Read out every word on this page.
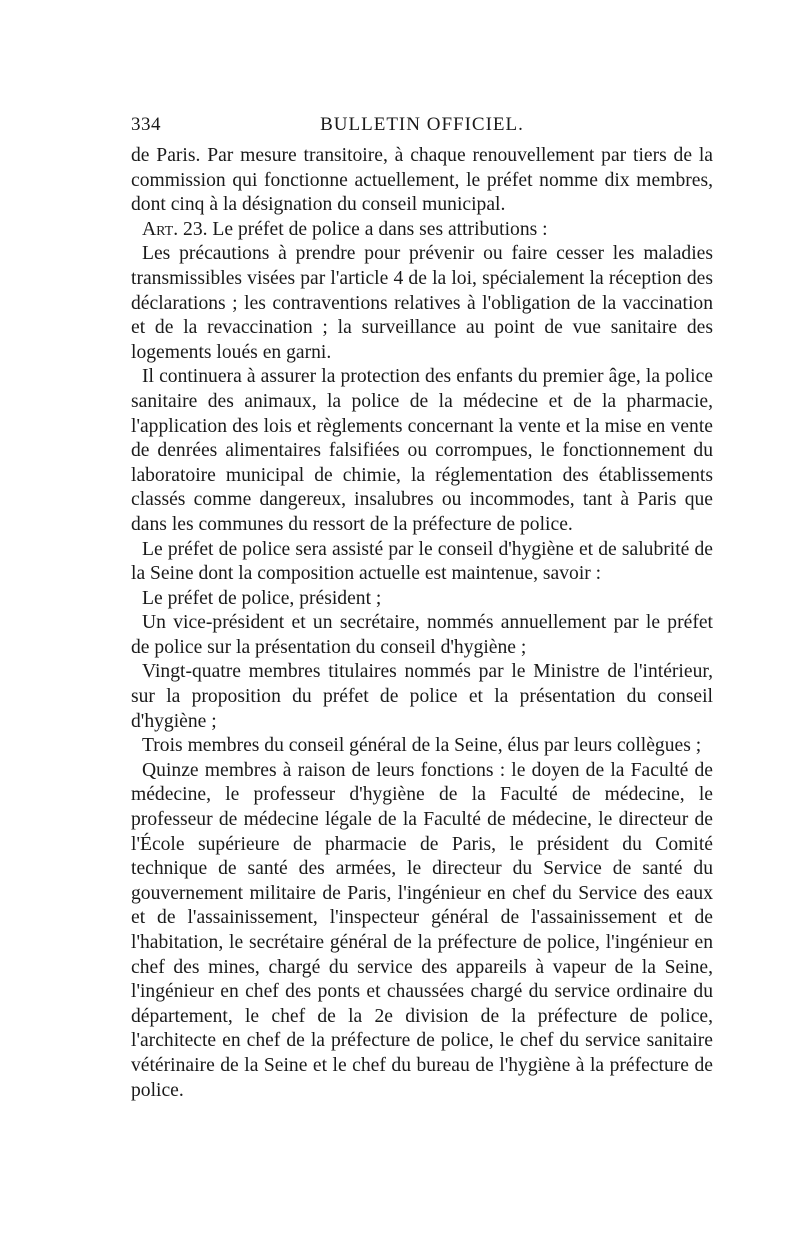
334	BULLETIN OFFICIEL.

de Paris. Par mesure transitoire, à chaque renouvellement par tiers de la commission qui fonctionne actuellement, le préfet nomme dix membres, dont cinq à la désignation du conseil municipal.

Art. 23. Le préfet de police a dans ses attributions :

Les précautions à prendre pour prévenir ou faire cesser les maladies transmissibles visées par l'article 4 de la loi, spécialement la réception des déclarations ; les contraventions relatives à l'obligation de la vaccination et de la revaccination ; la surveillance au point de vue sanitaire des logements loués en garni.

Il continuera à assurer la protection des enfants du premier âge, la police sanitaire des animaux, la police de la médecine et de la pharmacie, l'application des lois et règlements concernant la vente et la mise en vente de denrées alimentaires falsifiées ou corrompues, le fonctionnement du laboratoire municipal de chimie, la réglementation des établissements classés comme dangereux, insalubres ou incommodes, tant à Paris que dans les communes du ressort de la préfecture de police.

Le préfet de police sera assisté par le conseil d'hygiène et de salubrité de la Seine dont la composition actuelle est maintenue, savoir :

Le préfet de police, président ;

Un vice-président et un secrétaire, nommés annuellement par le préfet de police sur la présentation du conseil d'hygiène ;

Vingt-quatre membres titulaires nommés par le Ministre de l'intérieur, sur la proposition du préfet de police et la présentation du conseil d'hygiène ;

Trois membres du conseil général de la Seine, élus par leurs collègues ;

Quinze membres à raison de leurs fonctions : le doyen de la Faculté de médecine, le professeur d'hygiène de la Faculté de médecine, le professeur de médecine légale de la Faculté de médecine, le directeur de l'École supérieure de pharmacie de Paris, le président du Comité technique de santé des armées, le directeur du Service de santé du gouvernement militaire de Paris, l'ingénieur en chef du Service des eaux et de l'assainissement, l'inspecteur général de l'assainissement et de l'habitation, le secrétaire général de la préfecture de police, l'ingénieur en chef des mines, chargé du service des appareils à vapeur de la Seine, l'ingénieur en chef des ponts et chaussées chargé du service ordinaire du département, le chef de la 2e division de la préfecture de police, l'architecte en chef de la préfecture de police, le chef du service sanitaire vétérinaire de la Seine et le chef du bureau de l'hygiène à la préfecture de police.
